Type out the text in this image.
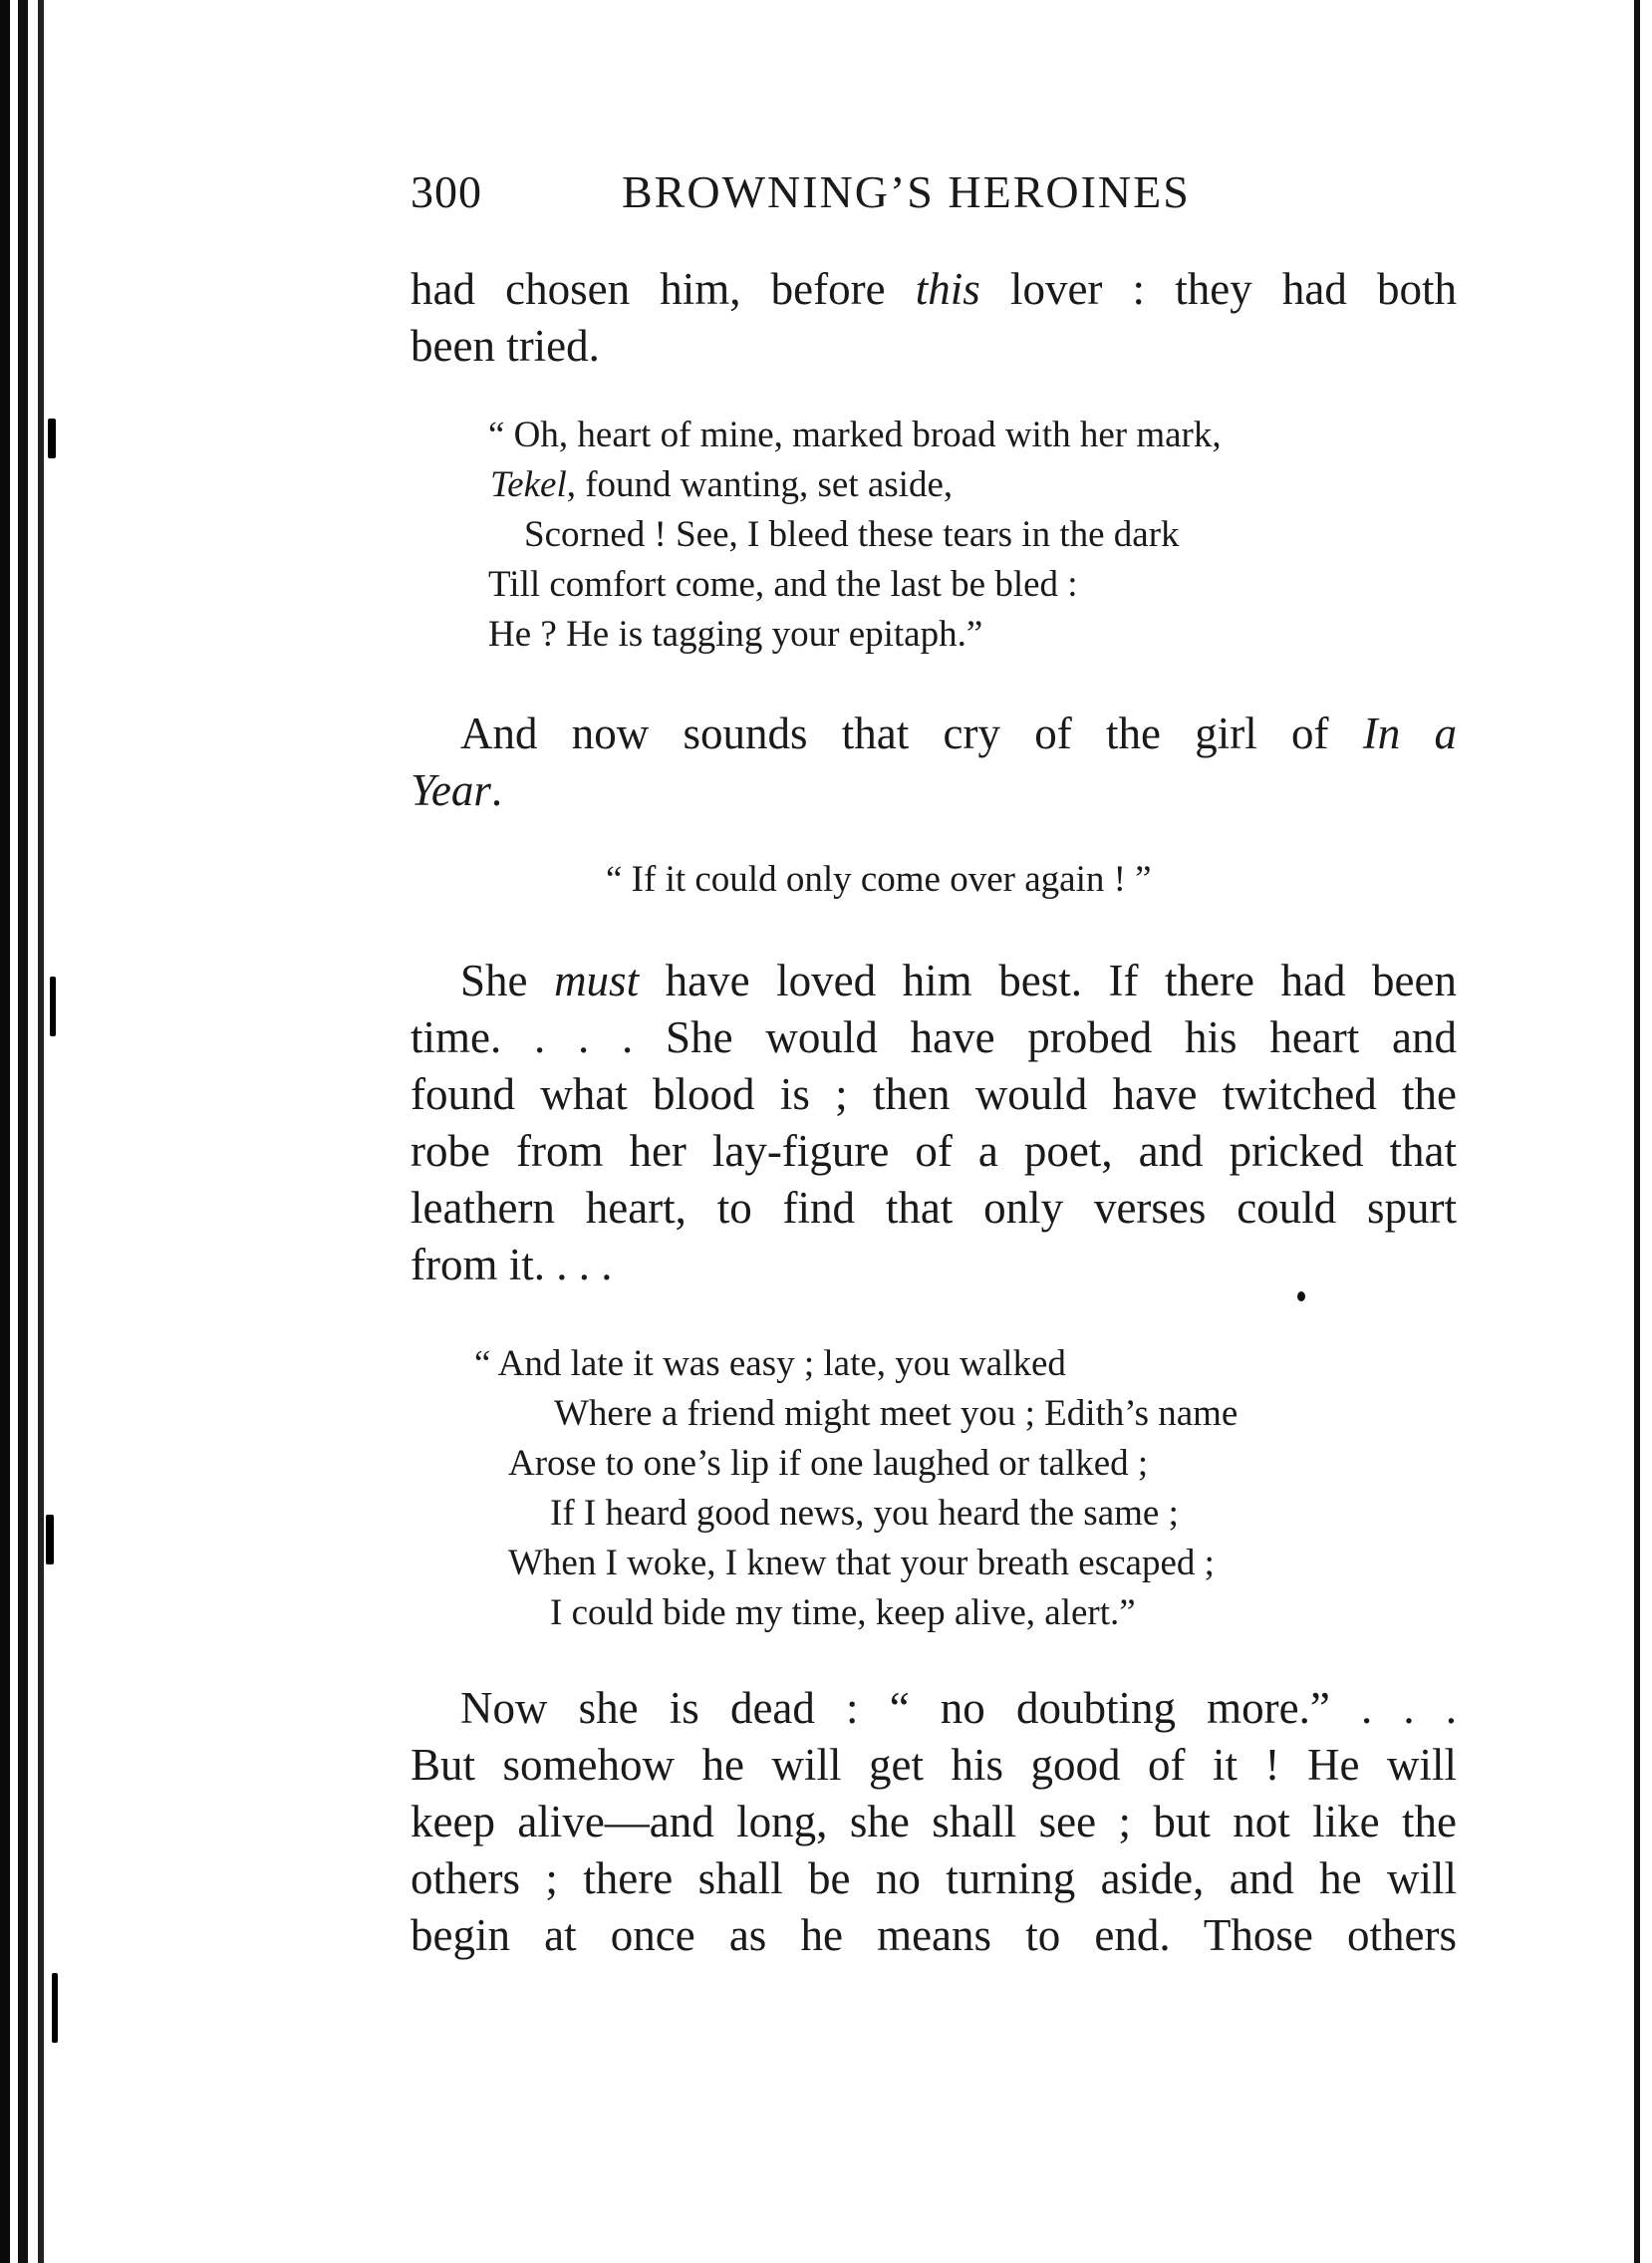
300	BROWNING’S HEROINES
had chosen him, before this lover : they had both
been tried.
“ Oh, heart of mine, marked broad with her mark,
Tekel, found wanting, set aside,
Scorned ! See, I bleed these tears in the dark
Till comfort come, and the last be bled :
He ? He is tagging your epitaph.”
And now sounds that cry of the girl of In a
Year.
“ If it could only come over again ! ”
She must have loved him best. If there had been
time. . . . She would have probed his heart and
found what blood is ; then would have twitched the
robe from her lay-figure of a poet, and pricked that
leathern heart, to find that only verses could spurt
from it. . . .
“ And late it was easy ; late, you walked
Where a friend might meet you ; Edith’s name
Arose to one’s lip if one laughed or talked ;
If I heard good news, you heard the same ;
When I woke, I knew that your breath escaped ;
I could bide my time, keep alive, alert.”
Now she is dead : “ no doubting more.” . . .
But somehow he will get his good of it ! He will
keep alive—and long, she shall see ; but not like the
others ; there shall be no turning aside, and he will
begin at once as he means to end. Those others
